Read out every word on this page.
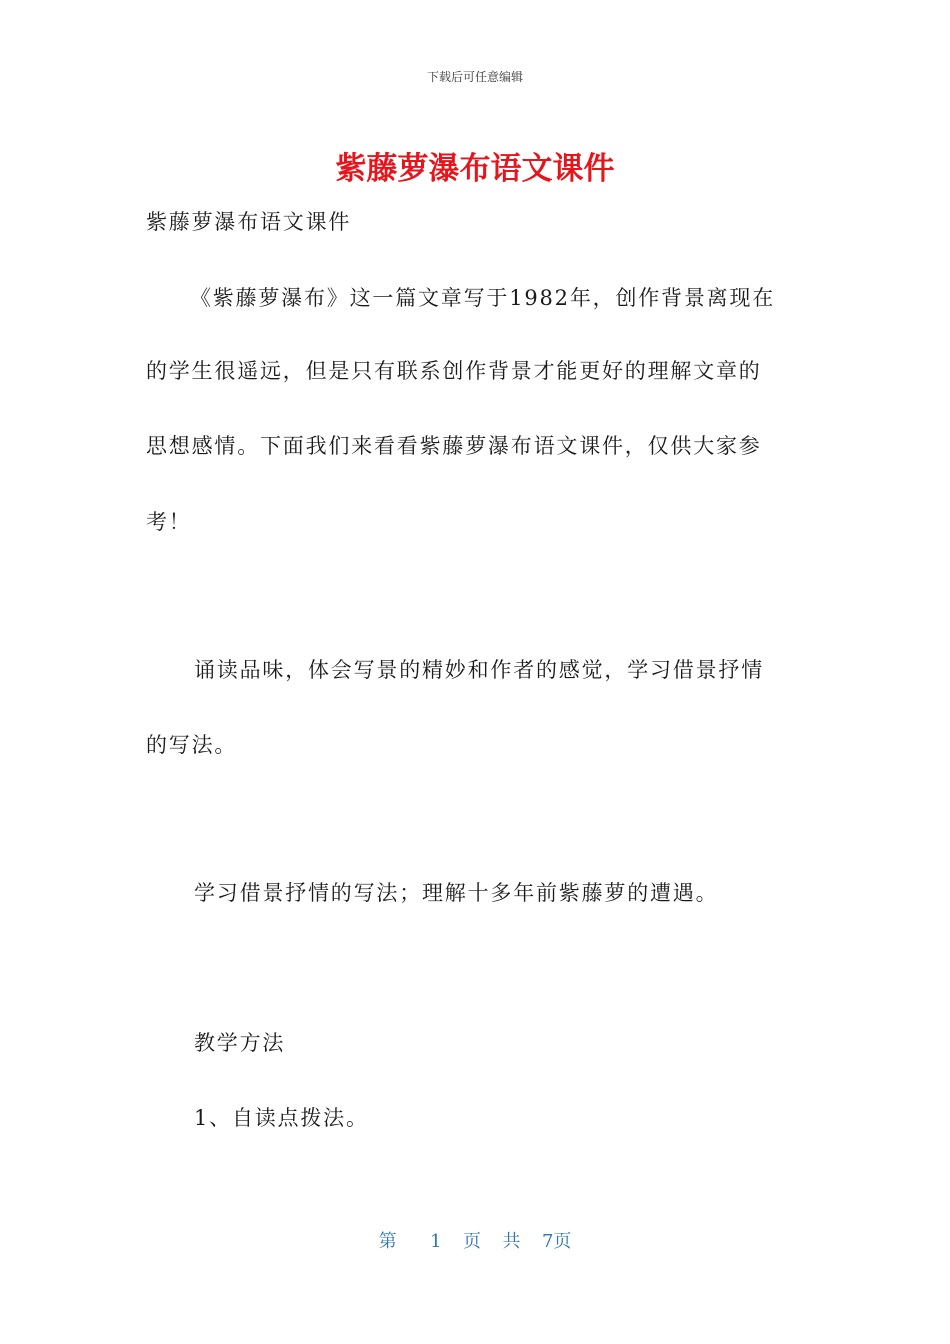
下载后可任意编辑
紫藤萝瀑布语文课件
紫藤萝瀑布语文课件
《紫藤萝瀑布》这一篇文章写于1982年，创作背景离现在
的学生很遥远，但是只有联系创作背景才能更好的理解文章的
思想感情。下面我们来看看紫藤萝瀑布语文课件，仅供大家参
考！
诵读品味，体会写景的精妙和作者的感觉，学习借景抒情
的写法。
学习借景抒情的写法；理解十多年前紫藤萝的遭遇。
教学方法
1、自读点拨法。
第 1 页 共 7页
